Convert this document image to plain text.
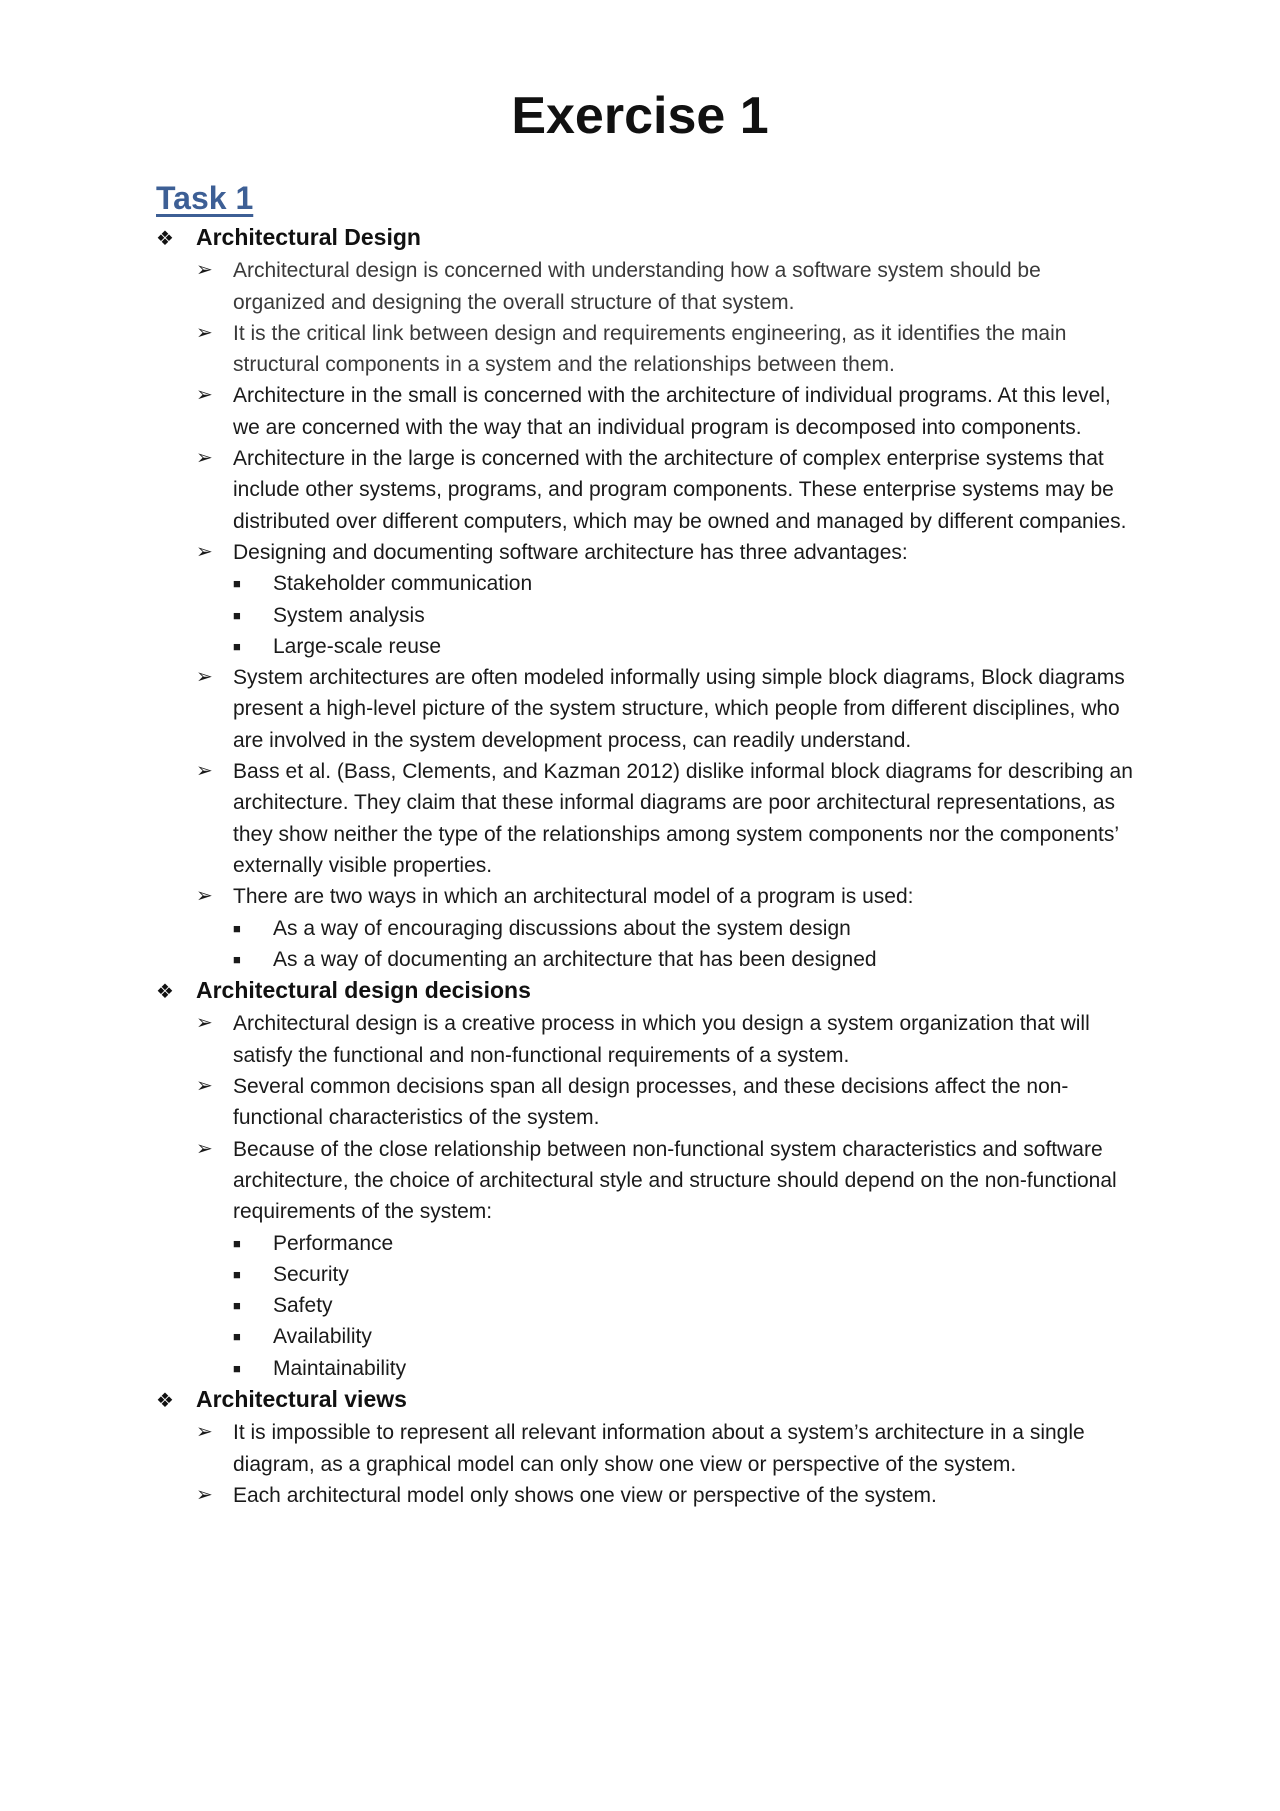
Exercise 1
Task 1
❖ Architectural Design
➢ Architectural design is concerned with understanding how a software system should be organized and designing the overall structure of that system.
➢ It is the critical link between design and requirements engineering, as it identifies the main structural components in a system and the relationships between them.
➢ Architecture in the small is concerned with the architecture of individual programs. At this level, we are concerned with the way that an individual program is decomposed into components.
➢ Architecture in the large is concerned with the architecture of complex enterprise systems that include other systems, programs, and program components. These enterprise systems may be distributed over different computers, which may be owned and managed by different companies.
➢ Designing and documenting software architecture has three advantages:
■	Stakeholder communication
■	System analysis
■	Large-scale reuse
➢ System architectures are often modeled informally using simple block diagrams, Block diagrams present a high-level picture of the system structure, which people from different disciplines, who are involved in the system development process, can readily understand.
➢ Bass et al. (Bass, Clements, and Kazman 2012) dislike informal block diagrams for describing an architecture. They claim that these informal diagrams are poor architectural representations, as they show neither the type of the relationships among system components nor the components’ externally visible properties.
➢ There are two ways in which an architectural model of a program is used:
■	As a way of encouraging discussions about the system design
■	As a way of documenting an architecture that has been designed
❖ Architectural design decisions
➢ Architectural design is a creative process in which you design a system organization that will satisfy the functional and non-functional requirements of a system.
➢ Several common decisions span all design processes, and these decisions affect the non-functional characteristics of the system.
➢ Because of the close relationship between non-functional system characteristics and software architecture, the choice of architectural style and structure should depend on the non-functional requirements of the system:
■	Performance
■	Security
■	Safety
■	Availability
■	Maintainability
❖ Architectural views
➢ It is impossible to represent all relevant information about a system’s architecture in a single diagram, as a graphical model can only show one view or perspective of the system.
➢ Each architectural model only shows one view or perspective of the system.
